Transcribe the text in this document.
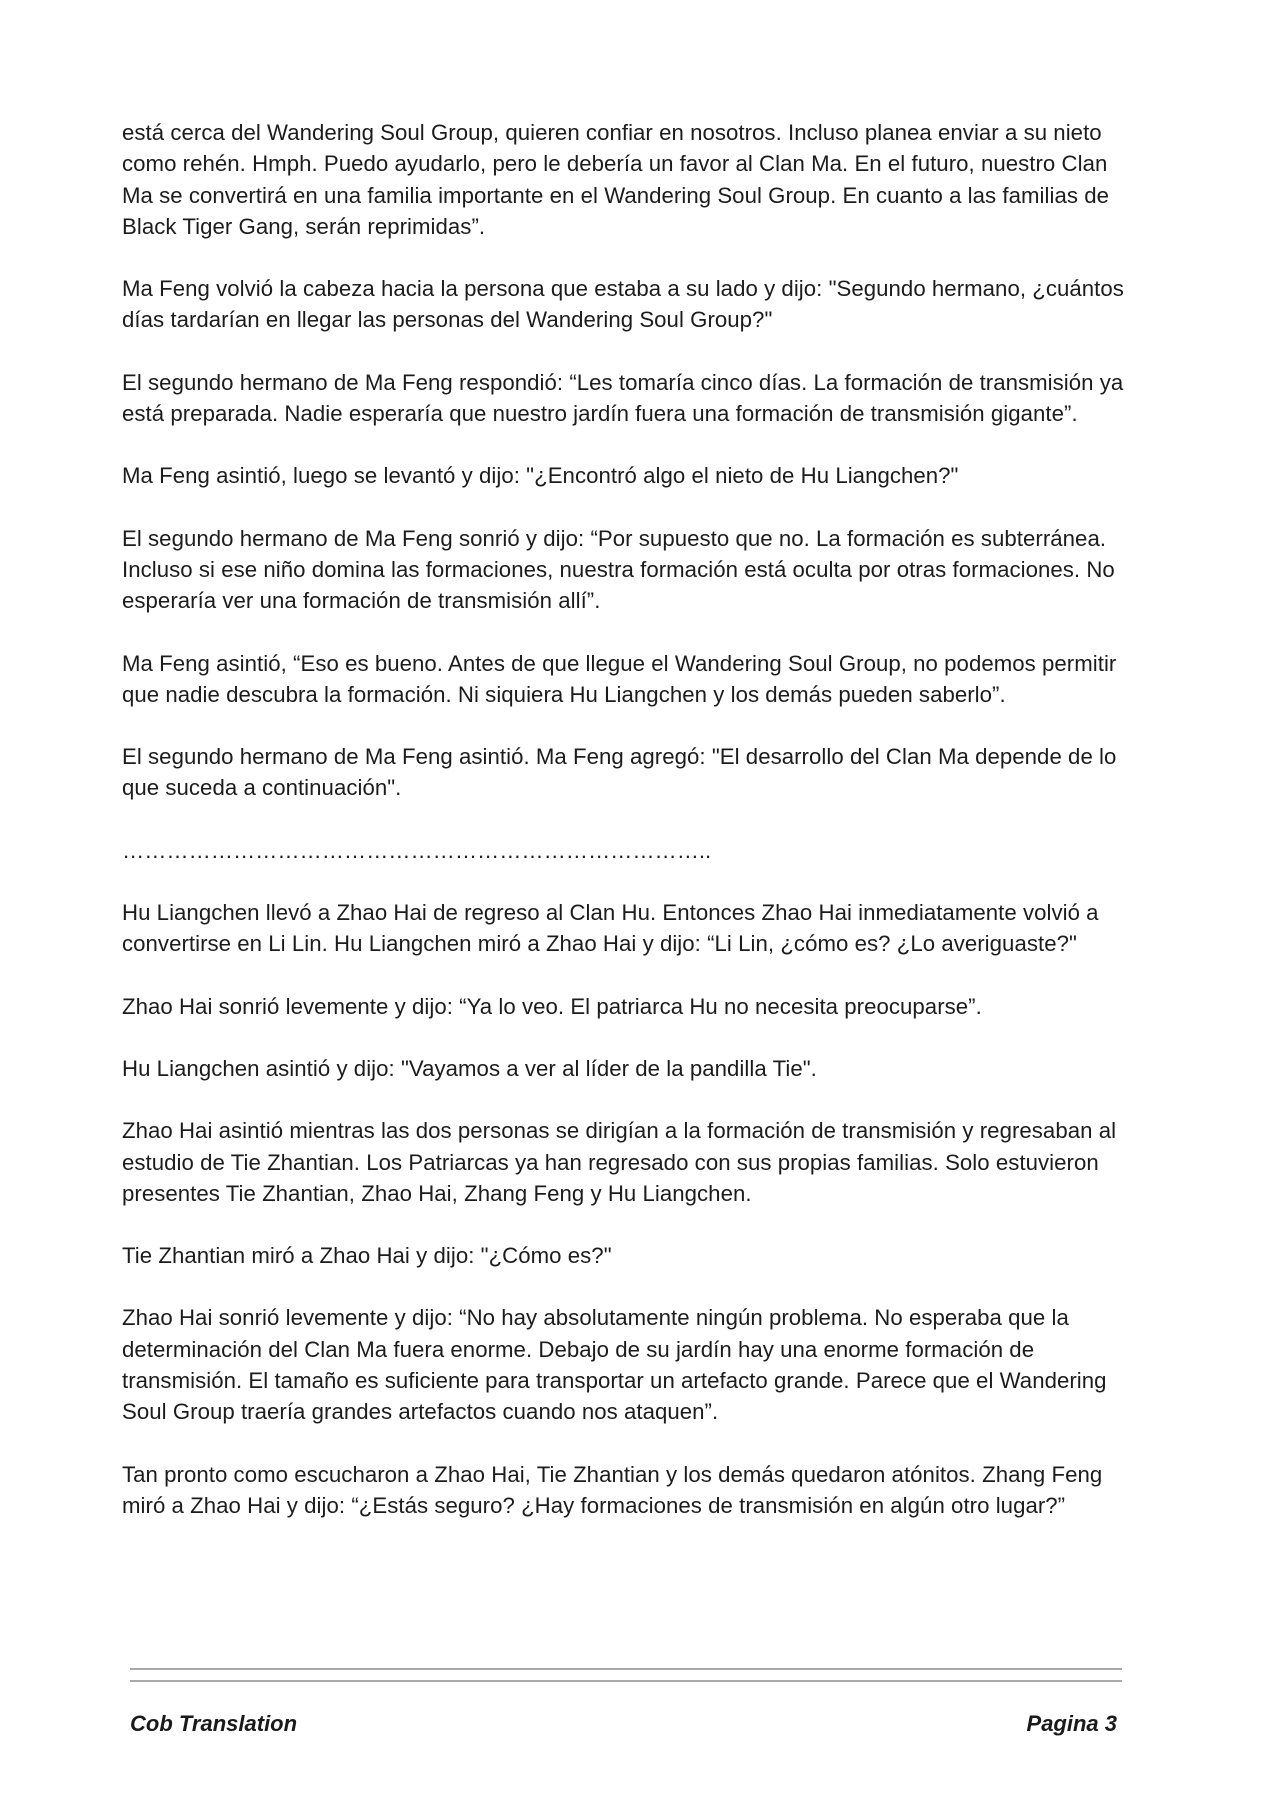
está cerca del Wandering Soul Group, quieren confiar en nosotros. Incluso planea enviar a su nieto como rehén. Hmph. Puedo ayudarlo, pero le debería un favor al Clan Ma. En el futuro, nuestro Clan Ma se convertirá en una familia importante en el Wandering Soul Group. En cuanto a las familias de Black Tiger Gang, serán reprimidas”.

Ma Feng volvió la cabeza hacia la persona que estaba a su lado y dijo: "Segundo hermano, ¿cuántos días tardarían en llegar las personas del Wandering Soul Group?"

El segundo hermano de Ma Feng respondió: “Les tomaría cinco días. La formación de transmisión ya está preparada. Nadie esperaría que nuestro jardín fuera una formación de transmisión gigante”.

Ma Feng asintió, luego se levantó y dijo: "¿Encontró algo el nieto de Hu Liangchen?"

El segundo hermano de Ma Feng sonrió y dijo: “Por supuesto que no. La formación es subterránea. Incluso si ese niño domina las formaciones, nuestra formación está oculta por otras formaciones. No esperaría ver una formación de transmisión allí”.

Ma Feng asintió, “Eso es bueno. Antes de que llegue el Wandering Soul Group, no podemos permitir que nadie descubra la formación. Ni siquiera Hu Liangchen y los demás pueden saberlo”.

El segundo hermano de Ma Feng asintió. Ma Feng agregó: "El desarrollo del Clan Ma depende de lo que suceda a continuación".

……………………………………………………………………..

Hu Liangchen llevó a Zhao Hai de regreso al Clan Hu. Entonces Zhao Hai inmediatamente volvió a convertirse en Li Lin. Hu Liangchen miró a Zhao Hai y dijo: “Li Lin, ¿cómo es? ¿Lo averiguaste?"

Zhao Hai sonrió levemente y dijo: “Ya lo veo. El patriarca Hu no necesita preocuparse”.

Hu Liangchen asintió y dijo: "Vayamos a ver al líder de la pandilla Tie".

Zhao Hai asintió mientras las dos personas se dirigían a la formación de transmisión y regresaban al estudio de Tie Zhantian. Los Patriarcas ya han regresado con sus propias familias. Solo estuvieron presentes Tie Zhantian, Zhao Hai, Zhang Feng y Hu Liangchen.

Tie Zhantian miró a Zhao Hai y dijo: "¿Cómo es?"

Zhao Hai sonrió levemente y dijo: “No hay absolutamente ningún problema. No esperaba que la determinación del Clan Ma fuera enorme. Debajo de su jardín hay una enorme formación de transmisión. El tamaño es suficiente para transportar un artefacto grande. Parece que el Wandering Soul Group traería grandes artefactos cuando nos ataquen”.

Tan pronto como escucharon a Zhao Hai, Tie Zhantian y los demás quedaron atónitos. Zhang Feng miró a Zhao Hai y dijo: “¿Estás seguro? ¿Hay formaciones de transmisión en algún otro lugar?”

Cob Translation	Pagina 3
